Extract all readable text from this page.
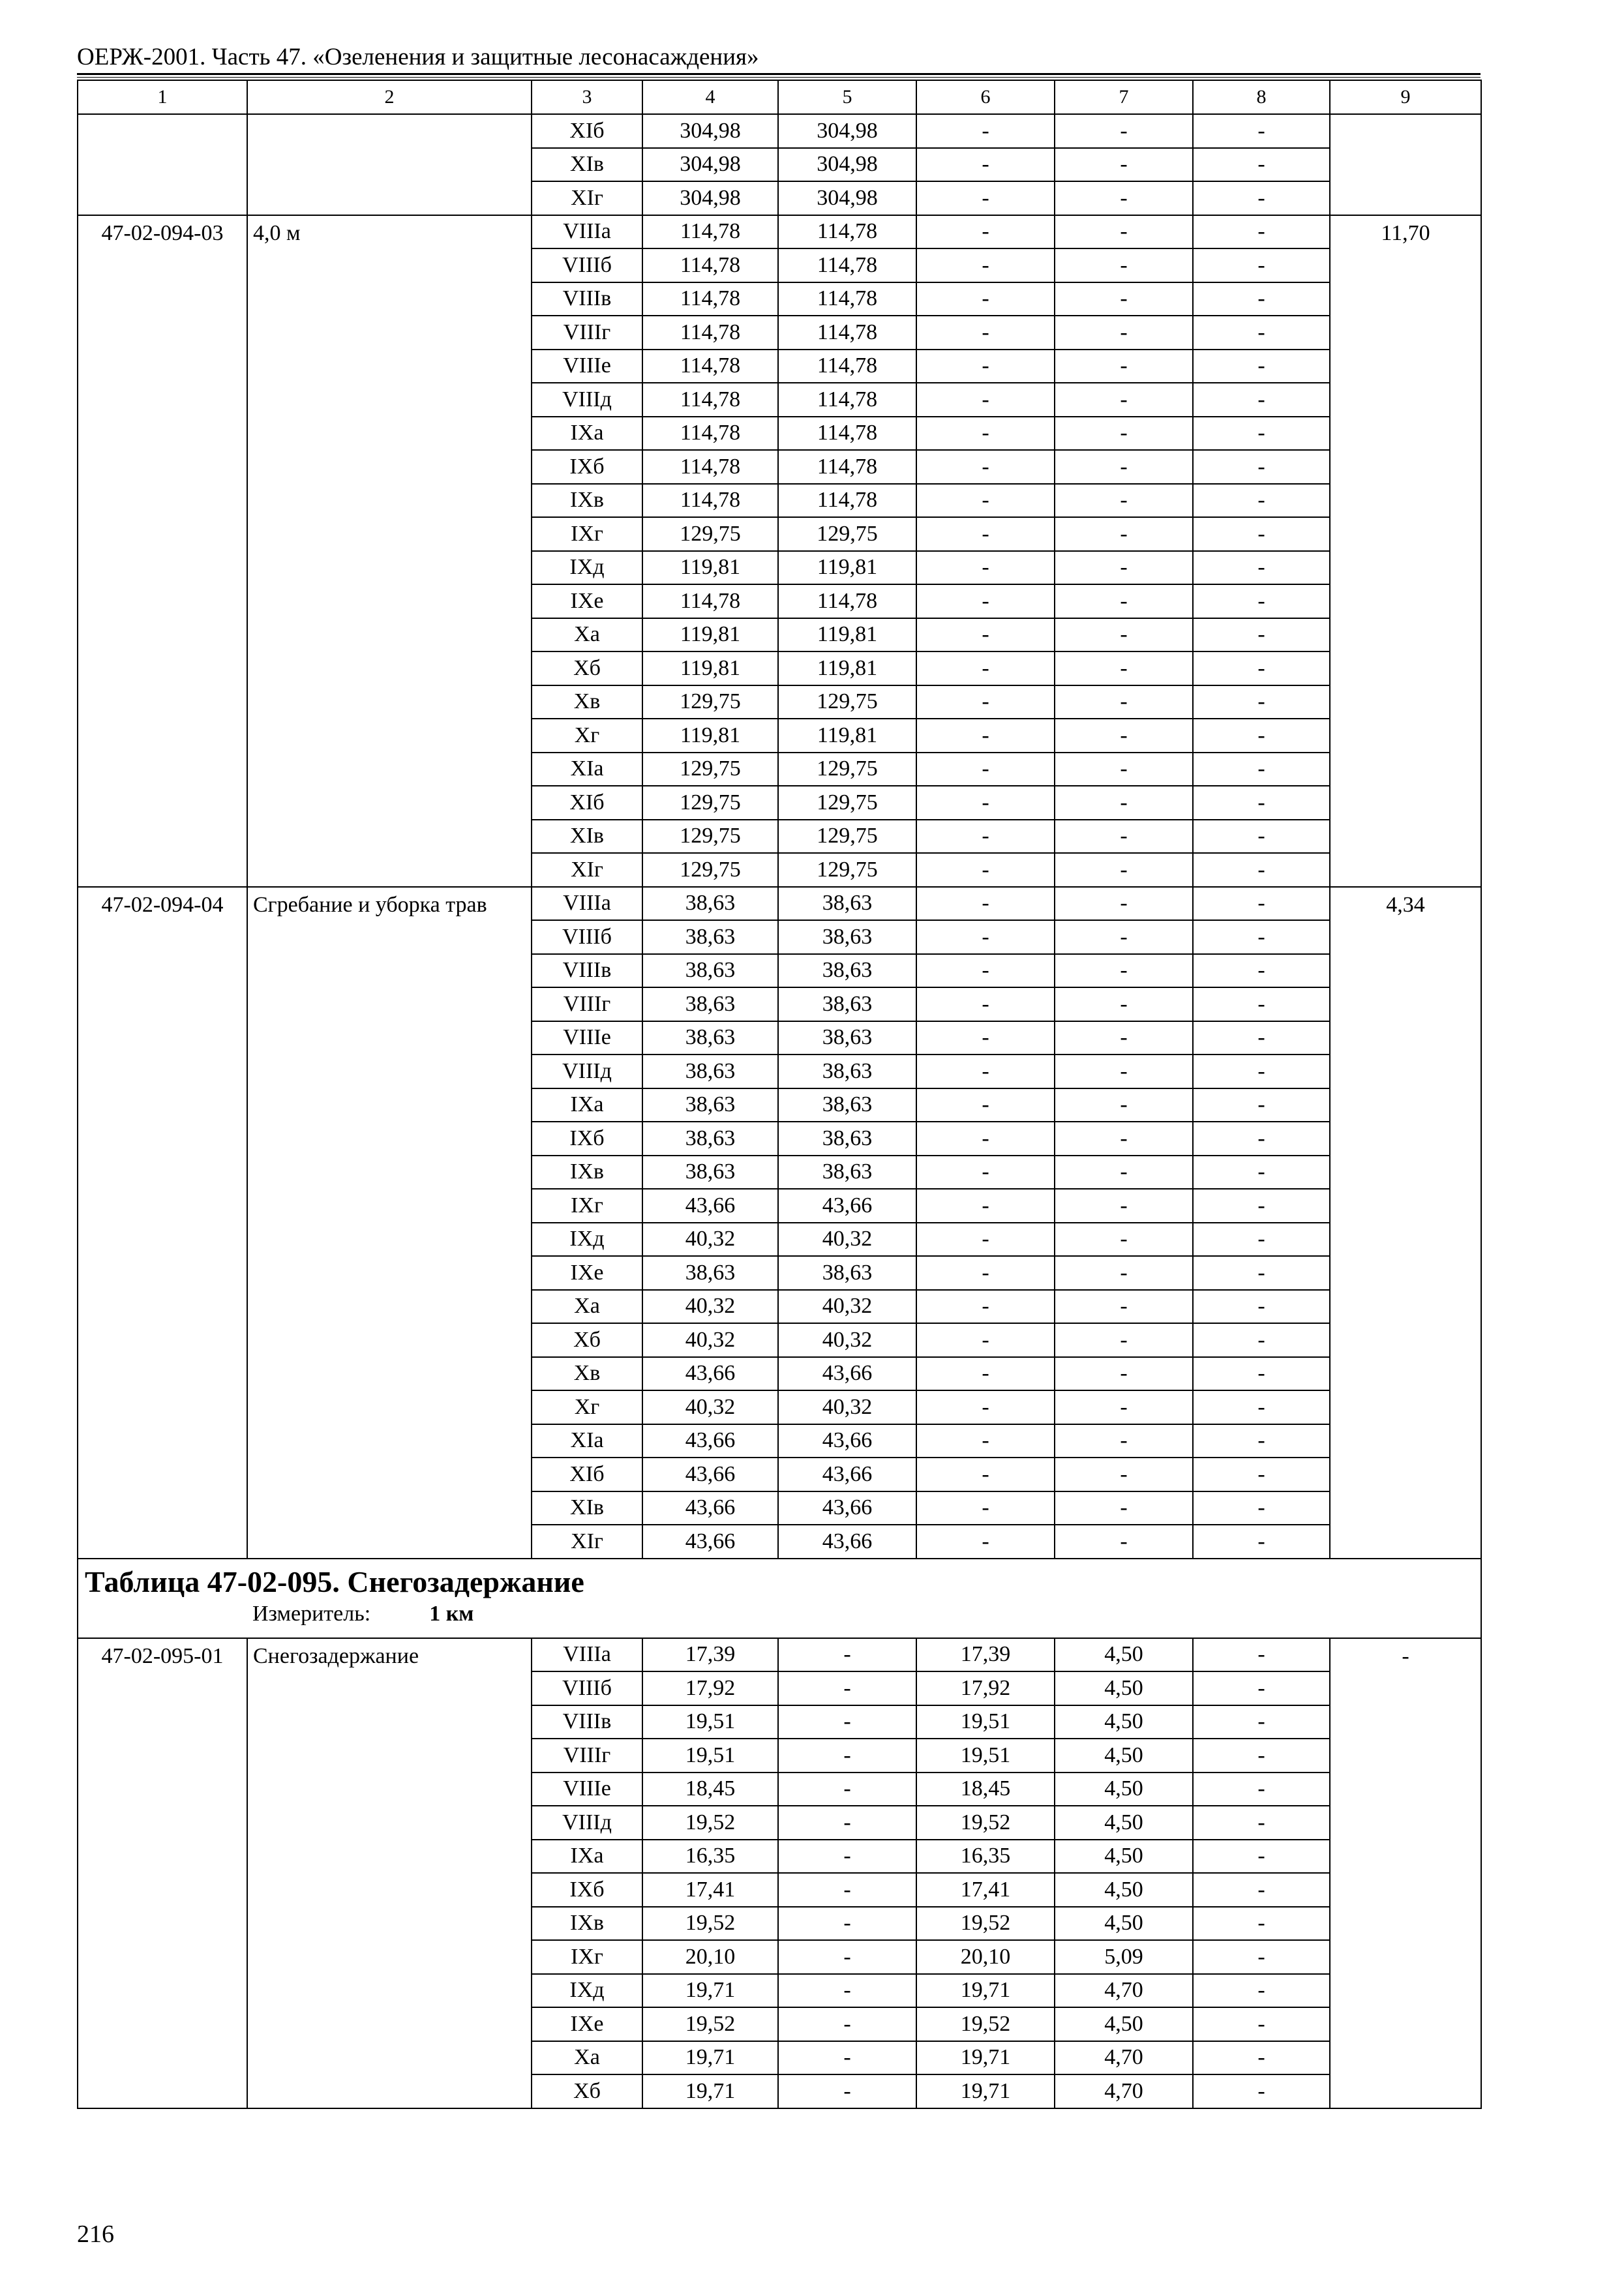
ОЕРЖ-2001. Часть 47. «Озеленения и защитные лесонасаждения»
1	2	3	4	5	6	7	8	9
		XIб	304,98	304,98	-	-	-	
		XIв	304,98	304,98	-	-	-	
		XIг	304,98	304,98	-	-	-	
47-02-094-03	4,0 м	VIIIа	114,78	114,78	-	-	-	11,70
		VIIIб	114,78	114,78	-	-	-	
		VIIIв	114,78	114,78	-	-	-	
		VIIIг	114,78	114,78	-	-	-	
		VIIIе	114,78	114,78	-	-	-	
		VIIIд	114,78	114,78	-	-	-	
		IXа	114,78	114,78	-	-	-	
		IXб	114,78	114,78	-	-	-	
		IXв	114,78	114,78	-	-	-	
		IXг	129,75	129,75	-	-	-	
		IXд	119,81	119,81	-	-	-	
		IXе	114,78	114,78	-	-	-	
		Xа	119,81	119,81	-	-	-	
		Xб	119,81	119,81	-	-	-	
		Xв	129,75	129,75	-	-	-	
		Xг	119,81	119,81	-	-	-	
		XIа	129,75	129,75	-	-	-	
		XIб	129,75	129,75	-	-	-	
		XIв	129,75	129,75	-	-	-	
		XIг	129,75	129,75	-	-	-	
47-02-094-04	Сгребание и уборка трав	VIIIа	38,63	38,63	-	-	-	4,34
		VIIIб	38,63	38,63	-	-	-	
		VIIIв	38,63	38,63	-	-	-	
		VIIIг	38,63	38,63	-	-	-	
		VIIIе	38,63	38,63	-	-	-	
		VIIIд	38,63	38,63	-	-	-	
		IXа	38,63	38,63	-	-	-	
		IXб	38,63	38,63	-	-	-	
		IXв	38,63	38,63	-	-	-	
		IXг	43,66	43,66	-	-	-	
		IXд	40,32	40,32	-	-	-	
		IXе	38,63	38,63	-	-	-	
		Xа	40,32	40,32	-	-	-	
		Xб	40,32	40,32	-	-	-	
		Xв	43,66	43,66	-	-	-	
		Xг	40,32	40,32	-	-	-	
		XIа	43,66	43,66	-	-	-	
		XIб	43,66	43,66	-	-	-	
		XIв	43,66	43,66	-	-	-	
		XIг	43,66	43,66	-	-	-	

Таблица 47-02-095. Снегозадержание
Измеритель: 1 км								

47-02-095-01	Снегозадержание	VIIIа	17,39	-	17,39	4,50	-	-
		VIIIб	17,92	-	17,92	4,50	-	
		VIIIв	19,51	-	19,51	4,50	-	
		VIIIг	19,51	-	19,51	4,50	-	
		VIIIе	18,45	-	18,45	4,50	-	
		VIIIд	19,52	-	19,52	4,50	-	
		IXа	16,35	-	16,35	4,50	-	
		IXб	17,41	-	17,41	4,50	-	
		IXв	19,52	-	19,52	4,50	-	
		IXг	20,10	-	20,10	5,09	-	
		IXд	19,71	-	19,71	4,70	-	
		IXе	19,52	-	19,52	4,50	-	
		Xа	19,71	-	19,71	4,70	-	
		Xб	19,71	-	19,71	4,70	-	
216
